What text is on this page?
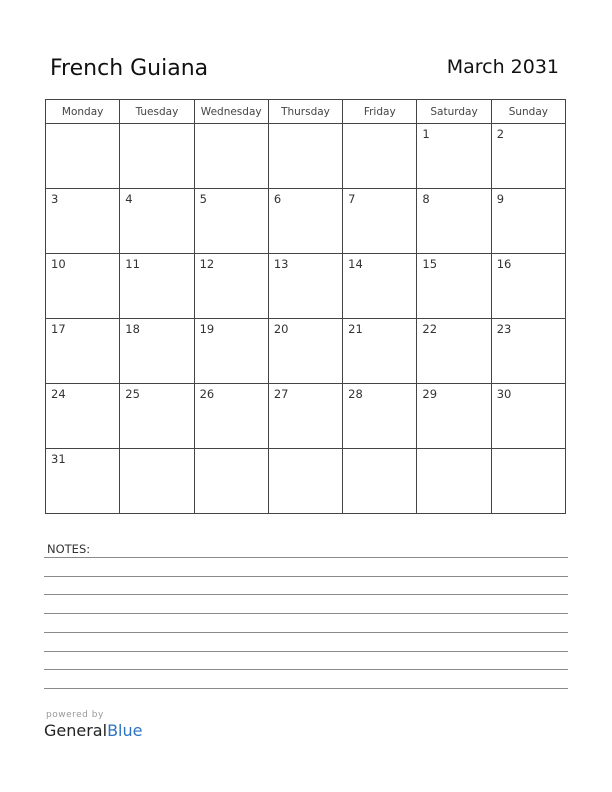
French Guiana	March 2031
Monday	Tuesday	Wednesday	Thursday	Friday	Saturday	Sunday

					1	2

3	4	5	6	7	8	9

10	11	12	13	14	15	16

17	18	19	20	21	22	23

24	25	26	27	28	29	30

31						

NOTES:
powered by
GeneralBlue
